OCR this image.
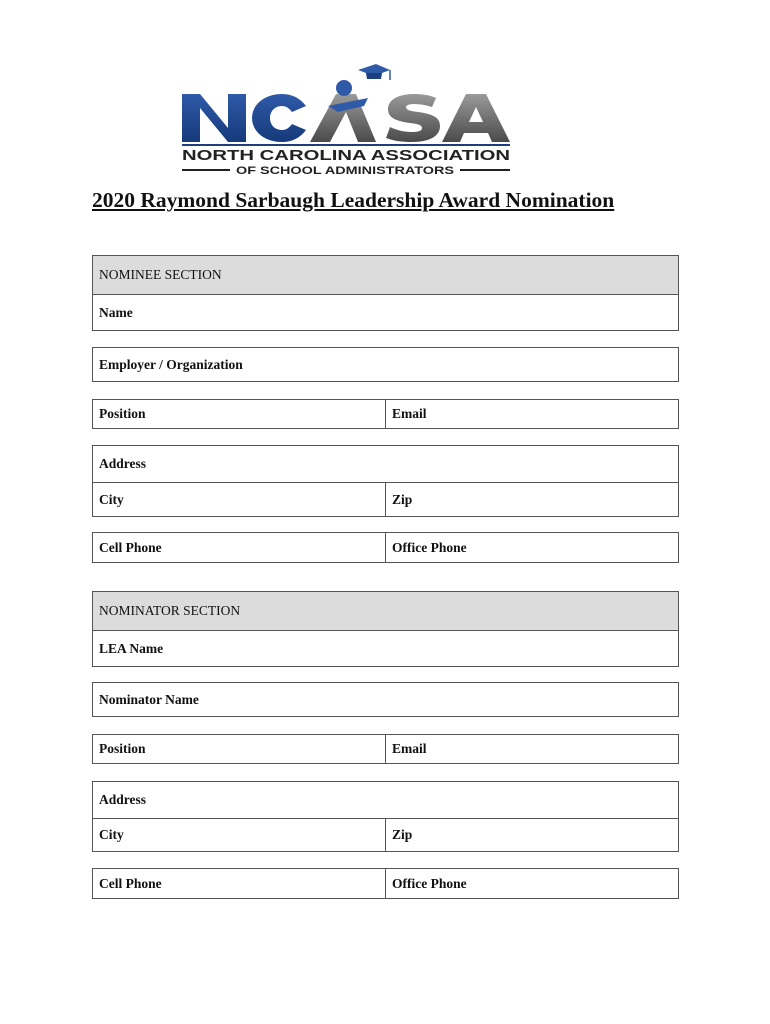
NORTH CAROLINA ASSOCIATION
OF SCHOOL ADMINISTRATORS
2020 Raymond Sarbaugh Leadership Award Nomination
NOMINEE SECTION
Name
Employer / Organization
Position	Email
Address
City	Zip
Cell Phone	Office Phone
NOMINATOR SECTION
LEA Name
Nominator Name
Position	Email
Address
City	Zip
Cell Phone	Office Phone
